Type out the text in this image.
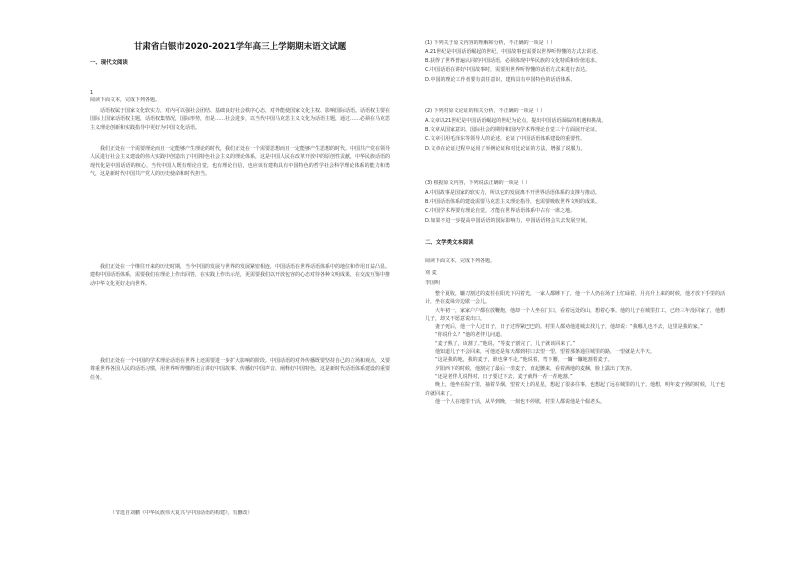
甘肃省白银市2020-2021学年高三上学期期末语文试题
一、现代文阅读
1
阅读下面文本，完成下列各题。

话语权属于国家文化软实力，对内可以强社会团结、基础良好社会秩序心态，对外能使国家文化主权、影响国际话语。话语权主要在国际上国家话语权主题，话语权集情况，国际形势，但是……社会进步，以当代中国马克思主义文化为话语主题，通过……必须在马克思主义理论创新和实践指导中更好为中国文化话语。

我们正处在一个需要理论而且一定能够产生理论的时代，我们正处在一个需要思想而且一定能够产生思想的时代。中国共产党在领导人民进行社会主义建设的伟大实践中创造出了中国特色社会主义的理论体系，这是中国人民在改革开放中的原创性贡献，中华民族话语的现代化是中国话语的核心。当代中国人既有理论自觉，也有理论自信，也应该有建构具有中国特色的哲学社会科学理论体系的能力和勇气，这是新时代中国共产党人的历史使命和时代担当。

我们正处在一个继往开来的历史时期，当今中国的发展与世界的发展紧密相连，中国话语在世界话语体系中的地位和作用日益凸显。建构中国话语体系，需要我们在理论上作出回答，在实践上作出示范，更需要我们以开放包容的心态对待各种文明成果，在交流互鉴中推动中华文化更好走向世界。

我们正处在一个中国的学术理论话语在世界上还需要进一步扩大影响的阶段。中国话语的对外传播既要坚持自己的立场和观点，又要尊重世界各国人民的话语习惯，用世界听得懂的语言讲好中国故事、传播好中国声音、阐释好中国特色，这是新时代话语体系建设的重要任务。

（节选自刘鹏《中华民族伟大复兴与中国话语的构建》，有删改）
(1) 下列关于原文内容的理解和分析，不正确的一项是（ ）
A.21世纪是中国话语崛起的世纪，中国故事也需要以世界听得懂的方式去讲述。
B.获得了世界普遍认同的中国话语，必须体现中华民族的文化特质和价值追求。
C.中国话语在讲好中国故事时，需要用世界听得懂的话语方式来进行表达。
D.中国的理论工作者要有责任意识，建构具有中国特色的话语体系。
(2) 下列对原文论证的相关分析，不正确的一项是（ ）
A.文章以21世纪是中国话语崛起的世纪为论点，提出中国话语面临的机遇和挑战。
B.文章从国家意识、国际社会的期待和国内学术界理论自觉三个方面展开论证。
C.文章引用毛泽东等领导人的论述，论证了中国话语体系建设的重要性。
D.文章在论证过程中运用了举例论证和对比论证的方法，增强了说服力。
(3) 根据原文内容，下列说法正确的一项是（ ）
A.中国故事是国家的软实力，所以它的发展离不开世界话语体系的支撑与推动。
B.中国话语体系的建设需要马克思主义理论指导，也需要吸收世界文明的成果。
C.中国学术界要有理论自觉，才能在世界话语体系中占有一席之地。
D.如果不进一步提高中国话语的国际影响力，中国话语将会失去发展空间。
二、文学类文本阅读
阅读下面文本，完成下列各题。
刈 麦
李国明

整个夏收，镰刀割过的麦茬在阳光下闪着光，一家人都睡下了，他一个人仍在场子上忙碌着，月亮升上来的时候，他才放下手里的活计，坐在麦垛旁边歇一会儿。

大年初一，家家户户都在放鞭炮，他却一个人坐在门口，看着远处的山，想着心事。他的儿子在城里打工，已经三年没回家了，他想儿子，却又不愿意说出口。

妻子死后，他一个人过日子，日子过得紧巴巴的。村里人都劝他进城去找儿子，他却说：“我哪儿也不去，这里是我的家。”

“你说什么？”他的老伴儿问道。

“麦子熟了，该割了。”他说，“等麦子割完了，儿子就该回来了。”

他知道儿子不会回来，可他还是每天都到村口去望一望，望着那条通往城里的路，一望就是大半天。

“这是我的地，我的麦子，谁也拿不走。”他说着，弯下腰，一镰一镰地割着麦子。

夕阳西下的时候，他割完了最后一垄麦子，直起腰来，看着满地的麦捆，脸上露出了笑容。

“还是老伴儿说得对，日子要过下去，麦子就得一茬一茬地割。”

晚上，他坐在院子里，抽着旱烟，望着天上的星星，想起了很多往事，也想起了远在城里的儿子。他想，明年麦子熟的时候，儿子也许就回来了。

他一个人在地里干活，从早到晚，一刻也不停歇，村里人都说他是个倔老头。
